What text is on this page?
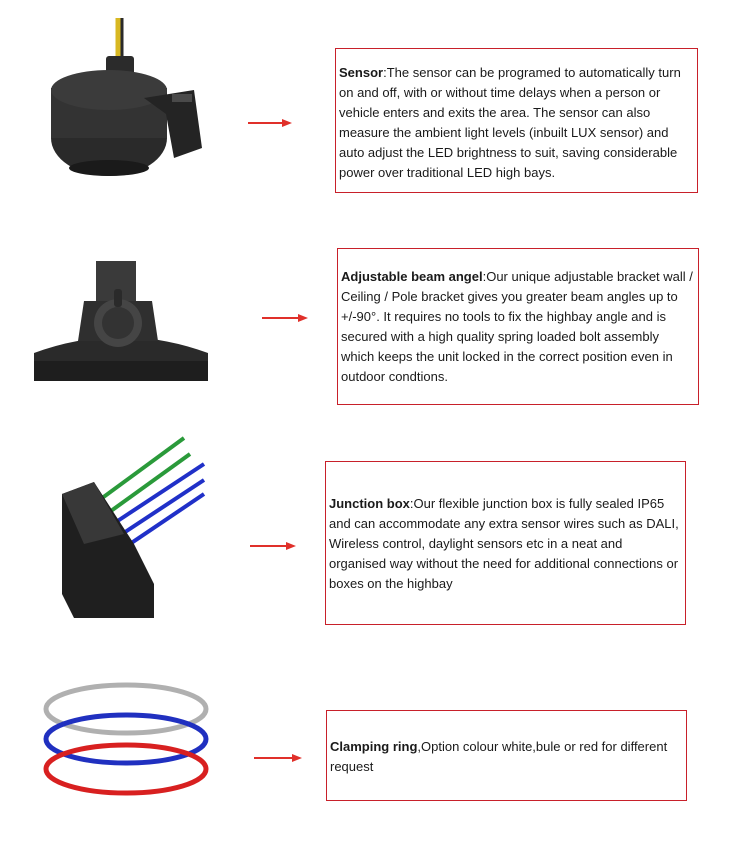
Sensor:The sensor can be programed to automatically turn on and off, with or without time delays when a person or vehicle enters and exits the area. The sensor can also measure the ambient light levels (inbuilt LUX sensor) and auto adjust the LED brightness to suit, saving considerable power over traditional LED high bays.
Adjustable beam angel:Our unique adjustable bracket wall / Ceiling / Pole bracket gives you greater beam angles up to +/-90°. It requires no tools to fix the highbay angle and is secured with a high quality spring loaded bolt assembly which keeps the unit locked in the correct position even in outdoor condtions.
Junction box:Our flexible junction box is fully sealed IP65 and can accommodate any extra sensor wires such as DALI, Wireless control, daylight sensors etc in a neat and organised way without the need for additional connections or boxes on the highbay
Clamping ring,Option colour white,bule or red for different request
